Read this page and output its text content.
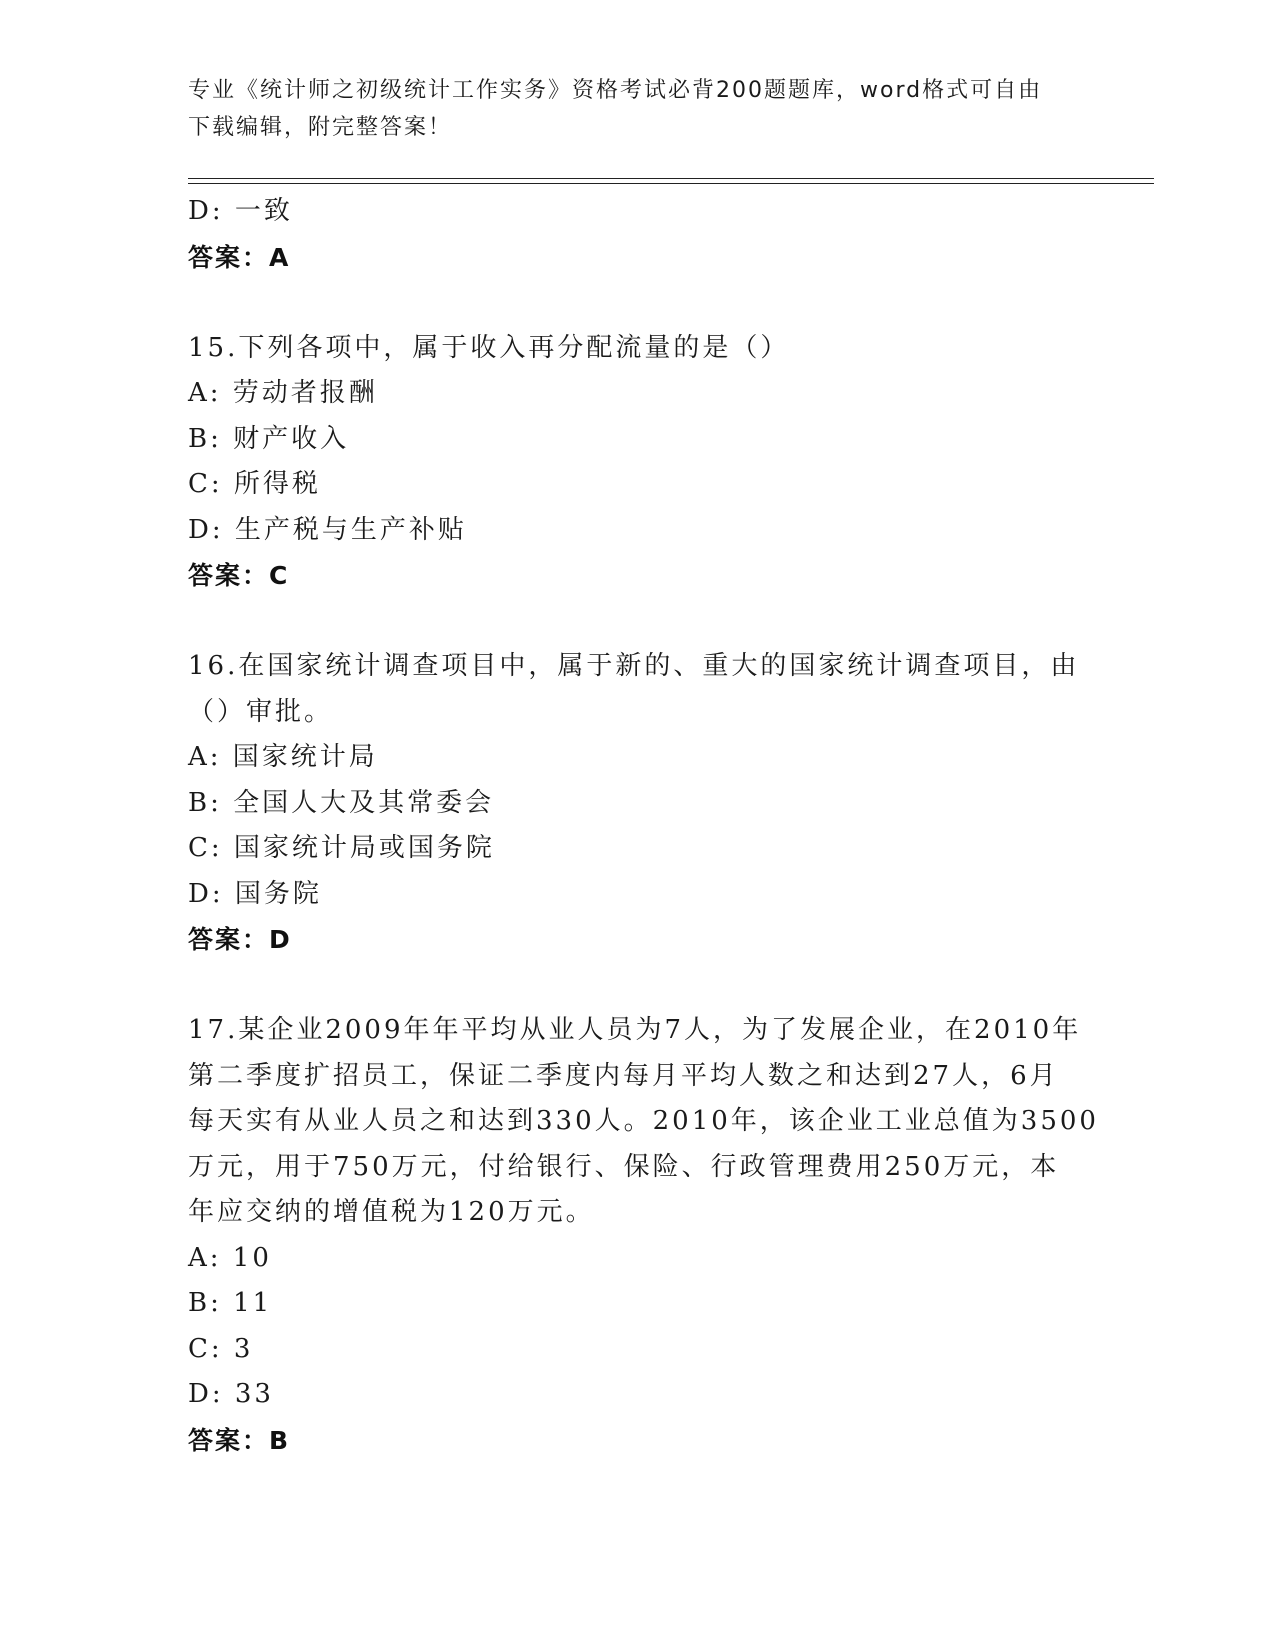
专业《统计师之初级统计工作实务》资格考试必背200题题库，word格式可自由
下载编辑，附完整答案！
D: 一致
答案：A
15.下列各项中，属于收入再分配流量的是（）
A: 劳动者报酬
B: 财产收入
C: 所得税
D: 生产税与生产补贴
答案：C
16.在国家统计调查项目中，属于新的、重大的国家统计调查项目，由
（）审批。
A: 国家统计局
B: 全国人大及其常委会
C: 国家统计局或国务院
D: 国务院
答案：D
17.某企业2009年年平均从业人员为7人，为了发展企业，在2010年
第二季度扩招员工，保证二季度内每月平均人数之和达到27人，6月
每天实有从业人员之和达到330人。2010年，该企业工业总值为3500
万元，用于750万元，付给银行、保险、行政管理费用250万元，本
年应交纳的增值税为120万元。
A: 10
B: 11
C: 3
D: 33
答案：B
